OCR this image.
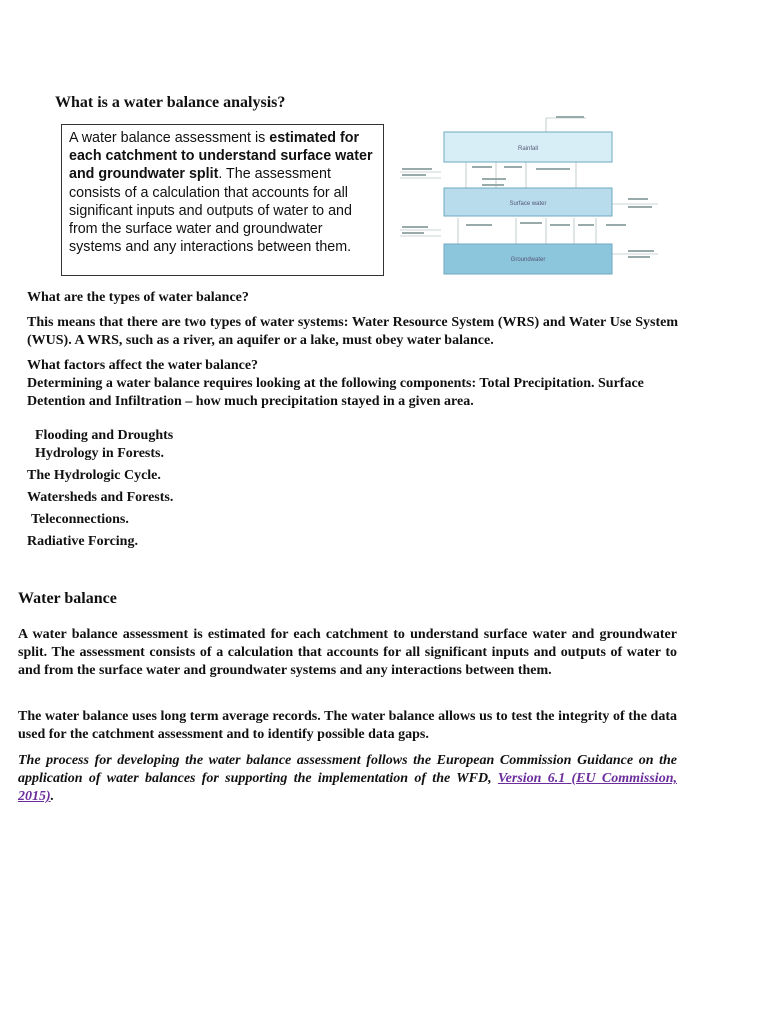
What is a water balance analysis?
A water balance assessment is estimated for each catchment to understand surface water and groundwater split. The assessment consists of a calculation that accounts for all significant inputs and outputs of water to and from the surface water and groundwater systems and any interactions between them.
Rainfall
Surface water
Groundwater
What are the types of water balance?
This means that there are two types of water systems: Water Resource System (WRS) and Water Use System (WUS). A WRS, such as a river, an aquifer or a lake, must obey water balance.
What factors affect the water balance?
Determining a water balance requires looking at the following components: Total Precipitation. Surface Detention and Infiltration – how much precipitation stayed in a given area.
Flooding and Droughts
Hydrology in Forests.
The Hydrologic Cycle.
Watersheds and Forests.
Teleconnections.
Radiative Forcing.
Water balance
A water balance assessment is estimated for each catchment to understand surface water and groundwater split. The assessment consists of a calculation that accounts for all significant inputs and outputs of water to and from the surface water and groundwater systems and any interactions between them.
The water balance uses long term average records. The water balance allows us to test the integrity of the data used for the catchment assessment and to identify possible data gaps.
The process for developing the water balance assessment follows the European Commission Guidance on the application of water balances for supporting the implementation of the WFD, Version 6.1 (EU Commission, 2015).
